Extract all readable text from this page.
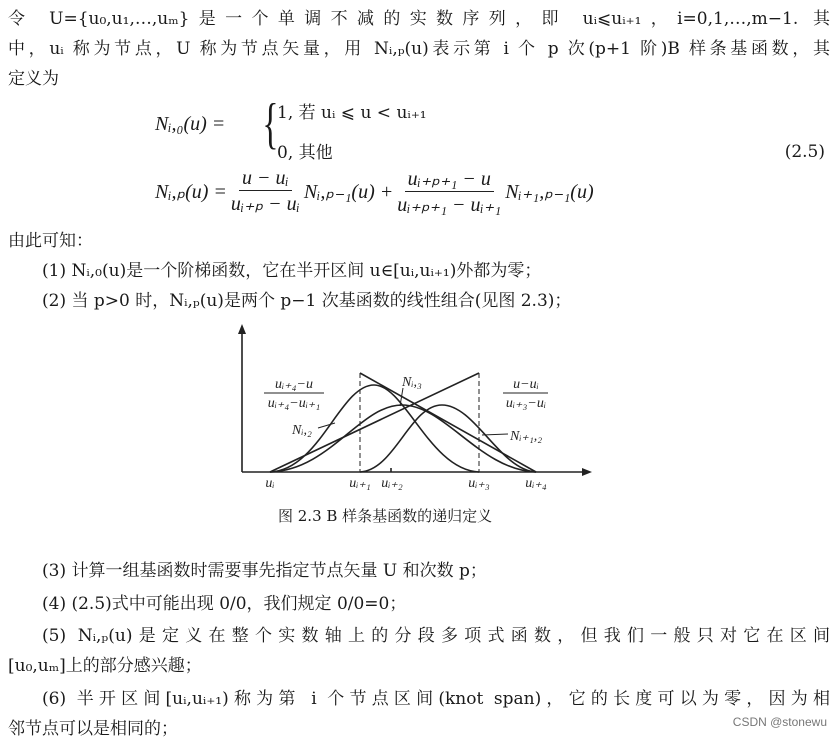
令 U={u₀,u₁,…,uₘ}是一个单调不减的实数序列，即 uᵢ⩽uᵢ₊₁，i=0,1,…,m−1. 其
中，uᵢ 称为节点，U 称为节点矢量，用 Nᵢ,ₚ(u)表示第 i 个 p 次(p+1 阶)B 样条基函数，其
定义为
Nᵢ,₀(u) = {
1, 若 uᵢ ⩽ u < uᵢ₊₁
0, 其他	(2.5)
Nᵢ,ₚ(u) = $\frac{\text{u − uᵢ}}{\text{uᵢ₊ₚ − uᵢ}}$ Nᵢ,ₚ₋₁(u) + $\frac{\text{uᵢ₊ₚ₊₁ − u}}{\text{uᵢ₊ₚ₊₁ − uᵢ₊₁}}$ Nᵢ₊₁,ₚ₋₁(u)
由此可知：
(1) Nᵢ,₀(u)是一个阶梯函数，它在半开区间 u∈[uᵢ,uᵢ₊₁)外都为零；
(2) 当 p>0 时，Nᵢ,ₚ(u)是两个 p−1 次基函数的线性组合(见图 2.3)；
uᵢ₊₄−u
uᵢ₊₄−uᵢ₊₁
u−uᵢ
uᵢ₊₃−uᵢ
Nᵢ,₃
Nᵢ,₂	Nᵢ₊₁,₂
uᵢ	uᵢ₊₁ uᵢ₊₂	uᵢ₊₃	uᵢ₊₄
图 2.3 B 样条基函数的递归定义
(3) 计算一组基函数时需要事先指定节点矢量 U 和次数 p；
(4) (2.5)式中可能出现 0/0，我们规定 0/0=0；
(5) Nᵢ,ₚ(u)是定义在整个实数轴上的分段多项式函数，但我们一般只对它在区间
[u₀,uₘ]上的部分感兴趣；
(6) 半开区间[uᵢ,uᵢ₊₁)称为第 i 个节点区间(knot span)，它的长度可以为零，因为相
邻节点可以是相同的；	CSDN @stonewu
